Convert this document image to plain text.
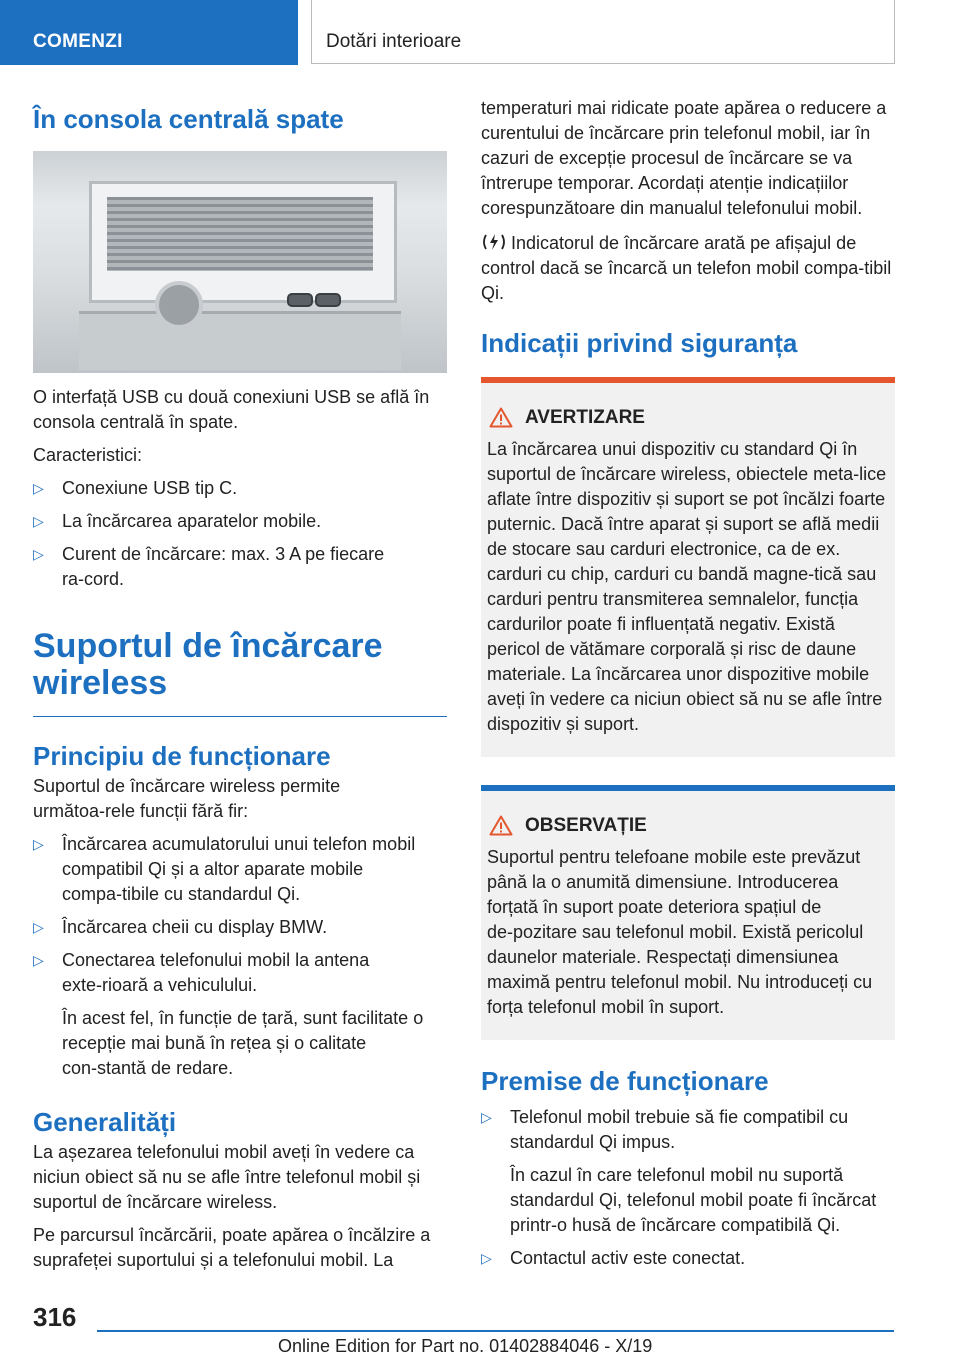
COMENZI	Dotări interioare
În consola centrală spate

O interfață USB cu două conexiuni USB se află în consola centrală în spate.

Caracteristici:

▷ Conexiune USB tip C.
▷ La încărcarea aparatelor mobile.
▷ Curent de încărcare: max. 3 A pe fiecare ra‑cord.
Suportul de încărcare wireless
Principiu de funcționare

Suportul de încărcare wireless permite următoa‑rele funcții fără fir:

▷ Încărcarea acumulatorului unui telefon mobil compatibil Qi și a altor aparate mobile compa‑tibile cu standardul Qi.
▷ Încărcarea cheii cu display BMW.
▷ Conectarea telefonului mobil la antena exte‑rioară a vehiculului.
În acest fel, în funcție de țară, sunt facilitate o recepție mai bună în rețea și o calitate con‑stantă de redare.
Generalități

La așezarea telefonului mobil aveți în vedere ca niciun obiect să nu se afle între telefonul mobil și suportul de încărcare wireless.

Pe parcursul încărcării, poate apărea o încălzire a suprafeței suportului și a telefonului mobil. La

temperaturi mai ridicate poate apărea o reducere a curentului de încărcare prin telefonul mobil, iar în cazuri de excepție procesul de încărcare se va întrerupe temporar. Acordați atenție indicațiilor corespunzătoare din manualul telefonului mobil.

Indicatorul de încărcare arată pe afișajul de control dacă se încarcă un telefon mobil compa‑tibil Qi.

Indicații privind siguranța
AVERTIZARE

La încărcarea unui dispozitiv cu standard Qi în suportul de încărcare wireless, obiectele meta‑lice aflate între dispozitiv și suport se pot încălzi foarte puternic. Dacă între aparat și suport se află medii de stocare sau carduri electronice, ca de ex. carduri cu chip, carduri cu bandă magne‑tică sau carduri pentru transmiterea semnalelor, funcția cardurilor poate fi influențată negativ. Există pericol de vătămare corporală și risc de daune materiale. La încărcarea unor dispozitive mobile aveți în vedere ca niciun obiect să nu se afle între dispozitiv și suport.

OBSERVAȚIE

Suportul pentru telefoane mobile este prevăzut până la o anumită dimensiune. Introducerea forțată în suport poate deteriora spațiul de de‑pozitare sau telefonul mobil. Există pericolul daunelor materiale. Respectați dimensiunea maximă pentru telefonul mobil. Nu introduceți cu forța telefonul mobil în suport.

Premise de funcționare
▷ Telefonul mobil trebuie să fie compatibil cu standardul Qi impus.
În cazul în care telefonul mobil nu suportă standardul Qi, telefonul mobil poate fi încărcat printr-o husă de încărcare compatibilă Qi.
▷ Contactul activ este conectat.
316
Online Edition for Part no. 01402884046 - X/19
